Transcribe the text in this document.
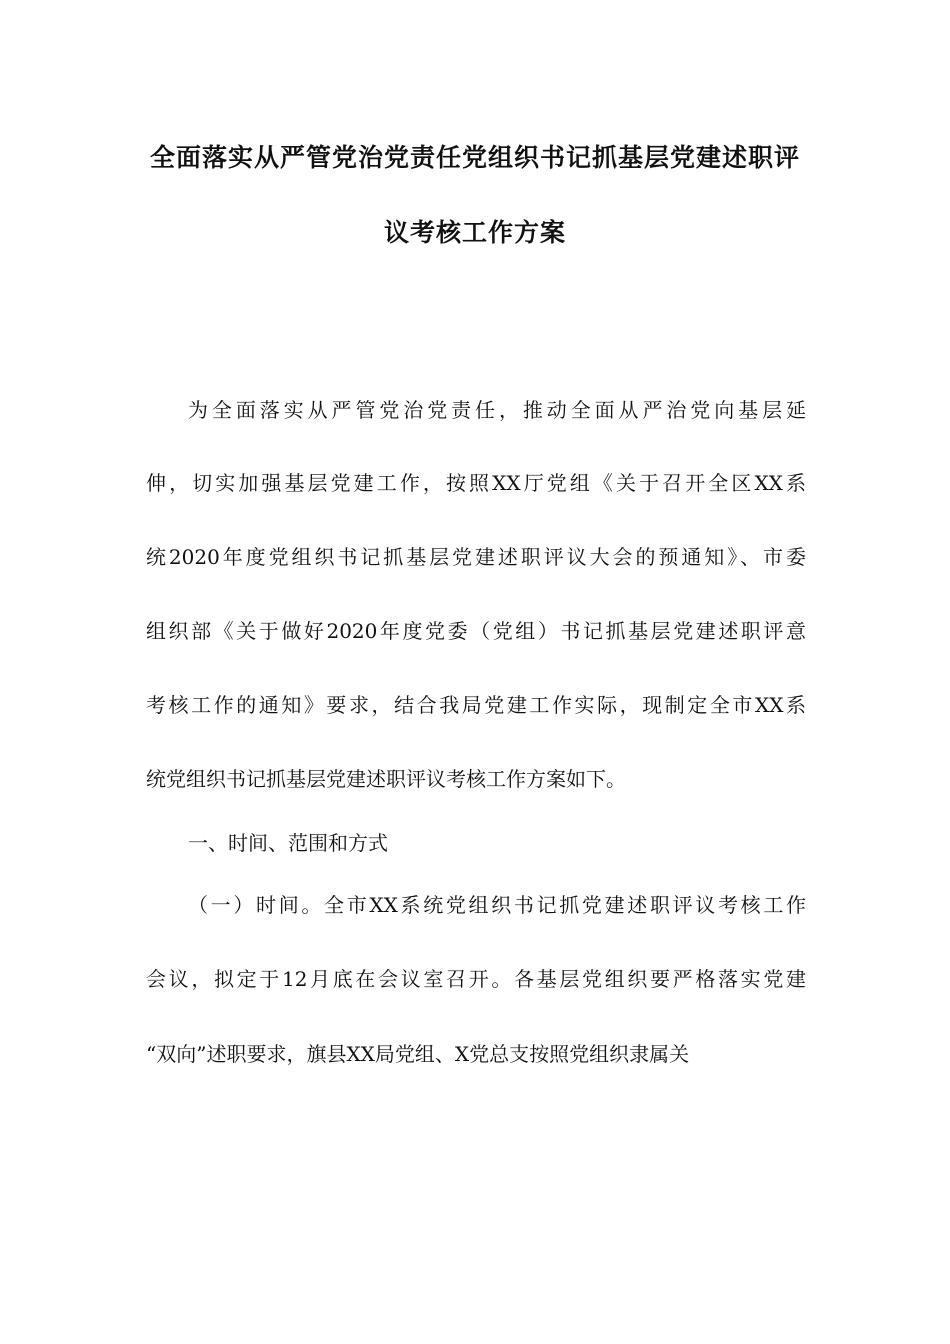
全面落实从严管党治党责任党组织书记抓基层党建述职评
议考核工作方案
为全面落实从严管党治党责任，推动全面从严治党向基层延
伸，切实加强基层党建工作，按照XX厅党组《关于召开全区XX系
统2020年度党组织书记抓基层党建述职评议大会的预通知》、市委
组织部《关于做好2020年度党委（党组）书记抓基层党建述职评意
考核工作的通知》要求，结合我局党建工作实际，现制定全市XX系
统党组织书记抓基层党建述职评议考核工作方案如下。
一、时间、范围和方式
（一）时间。全市XX系统党组织书记抓党建述职评议考核工作
会议，拟定于12月底在会议室召开。各基层党组织要严格落实党建
“双向”述职要求，旗县XX局党组、X党总支按照党组织隶属关
